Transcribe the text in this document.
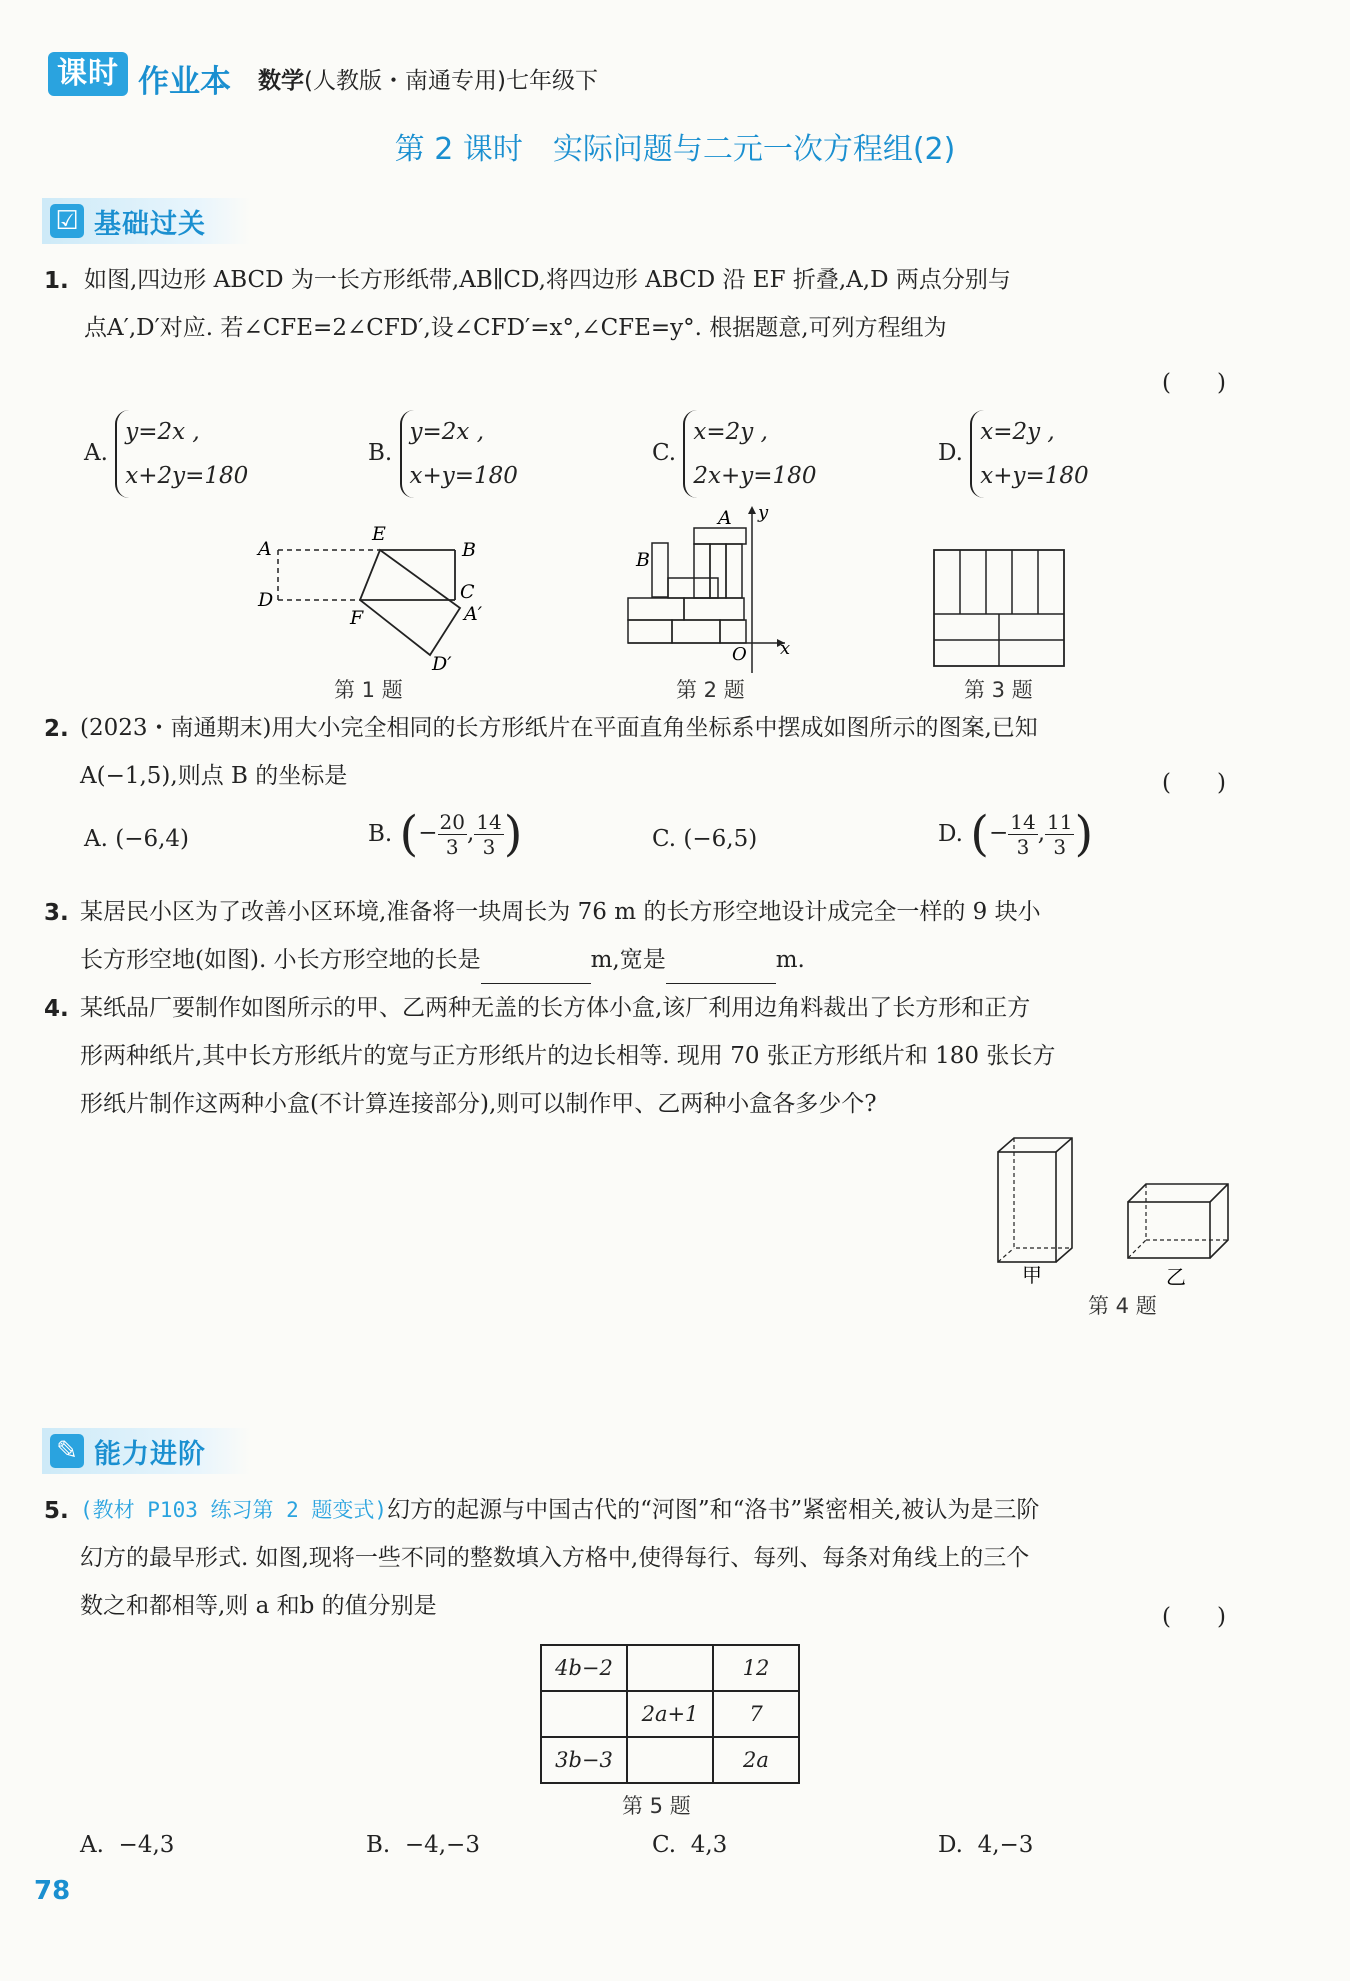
课时 作业本 数学(人教版・南通专用)七年级下
第 2 课时　实际问题与二元一次方程组(2)
☑ 基础过关
1. 如图,四边形 ABCD 为一长方形纸带,AB∥CD,将四边形 ABCD 沿 EF 折叠,A,D 两点分别与
点A′,D′对应. 若∠CFE=2∠CFD′,设∠CFD′=x°,∠CFE=y°. 根据题意,可列方程组为
(　　)
A.
y=2x ,
x+2y=180
B.
y=2x ,
x+y=180
C.
x=2y ,
2x+y=180
D.
x=2y ,
x+y=180
A
E
B
D	C
F	A′
D′
第 1 题
A
B
y
O x
第 2 题	第 3 题
2. (2023・南通期末)用大小完全相同的长方形纸片在平面直角坐标系中摆成如图所示的图案,已知
A(−1,5),则点 B 的坐标是	(　　)
A. (−6,4)	B. (− $\frac{20}{3}$ , $\frac{14}{3}$ )	C. (−6,5)	D. (− $\frac{14}{3}$ , $\frac{11}{3}$ )
3. 某居民小区为了改善小区环境,准备将一块周长为 76 m 的长方形空地设计成完全一样的 9 块小
长方形空地(如图). 小长方形空地的长是	m,宽是	m.
4. 某纸品厂要制作如图所示的甲、乙两种无盖的长方体小盒,该厂利用边角料裁出了长方形和正方
形两种纸片,其中长方形纸片的宽与正方形纸片的边长相等. 现用 70 张正方形纸片和 180 张长方
形纸片制作这两种小盒(不计算连接部分),则可以制作甲、乙两种小盒各多少个?
甲	乙
第 4 题
✎ 能力进阶
5. (教材 P103 练习第 2 题变式)幻方的起源与中国古代的“河图”和“洛书”紧密相关,被认为是三阶
幻方的最早形式. 如图,现将一些不同的整数填入方格中,使得每行、每列、每条对角线上的三个
数之和都相等,则 a 和b 的值分别是	(　　)
4b−2		12
	2a+1	7
3b−3		2a
第 5 题
A. −4,3	B. −4,−3	C. 4,3	D. 4,−3
78
